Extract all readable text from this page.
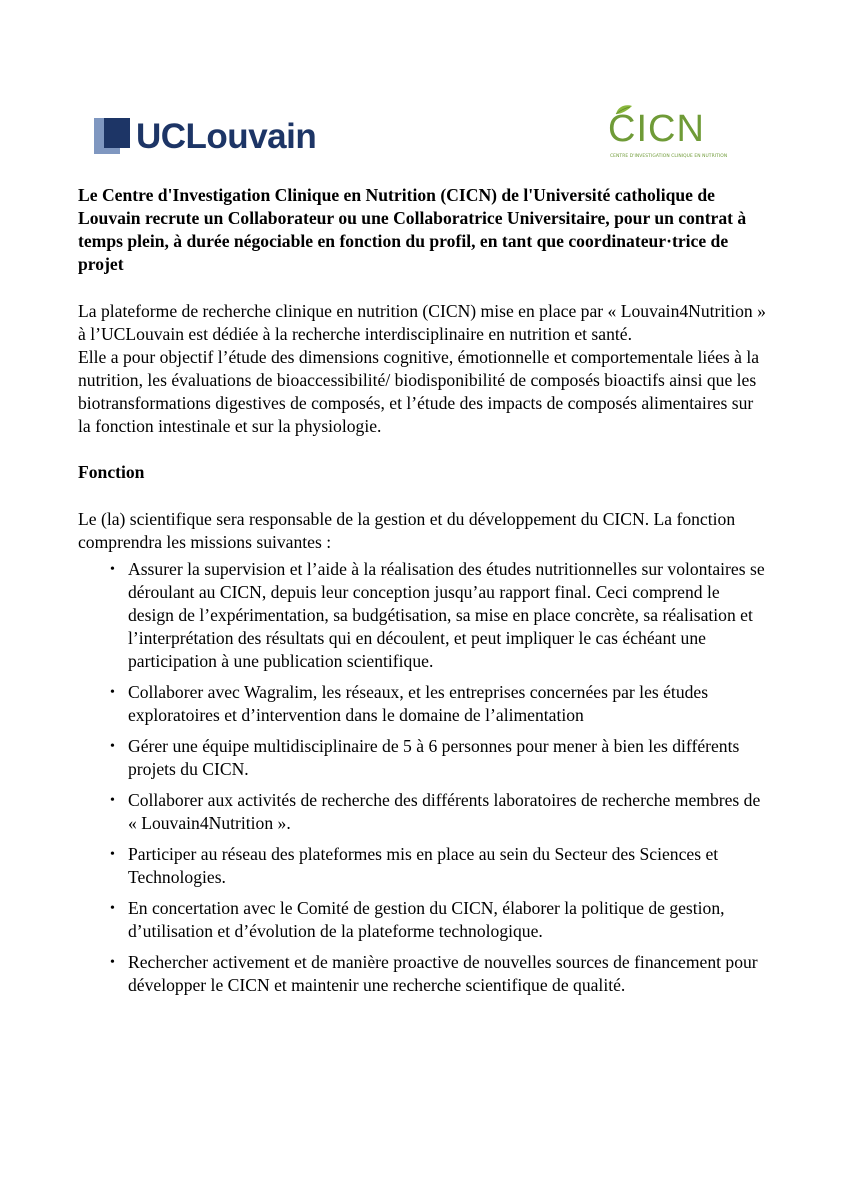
UCLouvain	CICN
CENTRE D'INVESTIGATION CLINIQUE EN NUTRITION

Le Centre d'Investigation Clinique en Nutrition (CICN) de l'Université catholique de Louvain recrute un Collaborateur ou une Collaboratrice Universitaire, pour un contrat à temps plein, à durée négociable en fonction du profil, en tant que coordinateur·trice de projet

La plateforme de recherche clinique en nutrition (CICN) mise en place par « Louvain4Nutrition » à l’UCLouvain est dédiée à la recherche interdisciplinaire en nutrition et santé.

Elle a pour objectif l’étude des dimensions cognitive, émotionnelle et comportementale liées à la nutrition, les évaluations de bioaccessibilité/ biodisponibilité de composés bioactifs ainsi que les biotransformations digestives de composés, et l’étude des impacts de composés alimentaires sur la fonction intestinale et sur la physiologie.

Fonction

Le (la) scientifique sera responsable de la gestion et du développement du CICN. La fonction comprendra les missions suivantes :

• Assurer la supervision et l’aide à la réalisation des études nutritionnelles sur volontaires se déroulant au CICN, depuis leur conception jusqu’au rapport final. Ceci comprend le design de l’expérimentation, sa budgétisation, sa mise en place concrète, sa réalisation et l’interprétation des résultats qui en découlent, et peut impliquer le cas échéant une participation à une publication scientifique.
• Collaborer avec Wagralim, les réseaux, et les entreprises concernées par les études exploratoires et d’intervention dans le domaine de l’alimentation
• Gérer une équipe multidisciplinaire de 5 à 6 personnes pour mener à bien les différents projets du CICN.
• Collaborer aux activités de recherche des différents laboratoires de recherche membres de « Louvain4Nutrition ».
• Participer au réseau des plateformes mis en place au sein du Secteur des Sciences et Technologies.
• En concertation avec le Comité de gestion du CICN, élaborer la politique de gestion, d’utilisation et d’évolution de la plateforme technologique.
• Rechercher activement et de manière proactive de nouvelles sources de financement pour développer le CICN et maintenir une recherche scientifique de qualité.
